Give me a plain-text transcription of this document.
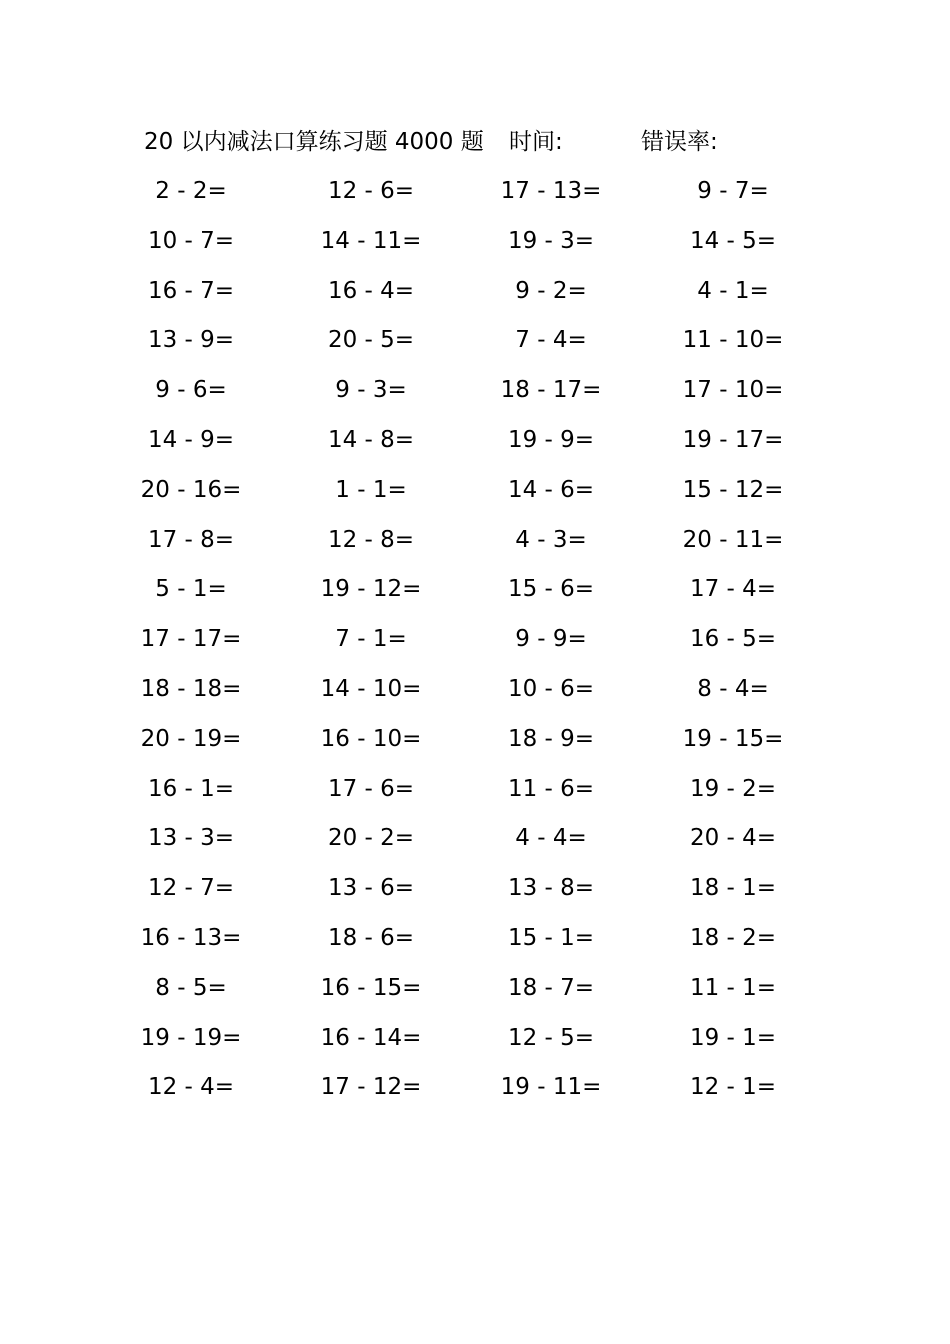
20 以内减法口算练习题 4000 题 时间:	错误率:
2 - 2=	12 - 6=	17 - 13=	9 - 7=
10 - 7=	14 - 11=	19 - 3=	14 - 5=
16 - 7=	16 - 4=	9 - 2=	4 - 1=
13 - 9=	20 - 5=	7 - 4=	11 - 10=
9 - 6=	9 - 3=	18 - 17=	17 - 10=
14 - 9=	14 - 8=	19 - 9=	19 - 17=
20 - 16=	1 - 1=	14 - 6=	15 - 12=
17 - 8=	12 - 8=	4 - 3=	20 - 11=
5 - 1=	19 - 12=	15 - 6=	17 - 4=
17 - 17=	7 - 1=	9 - 9=	16 - 5=
18 - 18=	14 - 10=	10 - 6=	8 - 4=
20 - 19=	16 - 10=	18 - 9=	19 - 15=
16 - 1=	17 - 6=	11 - 6=	19 - 2=
13 - 3=	20 - 2=	4 - 4=	20 - 4=
12 - 7=	13 - 6=	13 - 8=	18 - 1=
16 - 13=	18 - 6=	15 - 1=	18 - 2=
8 - 5=	16 - 15=	18 - 7=	11 - 1=
19 - 19=	16 - 14=	12 - 5=	19 - 1=
12 - 4=	17 - 12=	19 - 11=	12 - 1=
